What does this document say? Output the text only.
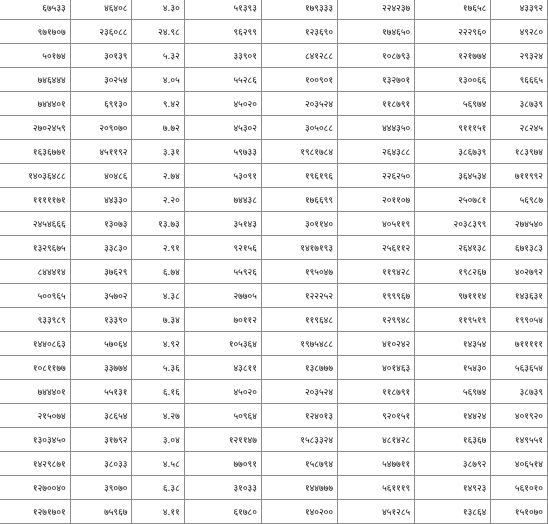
६७५३३	४६४०८	४.३०	५१३९३	१७९३३३	२२४२३७	१७६५८	४३३९२
९७१७०७	२३६०८८	२४.९८	९६२९९	१२३६९०	१७४६५०	२२२९६०	४९२८०
५०१७४	३०१३९	५.३२	३३९०१	८४१२८८	१०८७९३	१२१७७४	२९३२४
७४६४४४	३०२५४	४.०५	५५२८६	१००९०१	१३२७०१	१३००६६	९६६६५
७४४४०१	६९१३०	९.४२	४५०२०	२०३५२४	११८७९१	५६९७४	३८७३९
२७०२४५९	२०९०७०	७.७२	४५३०२	३०५०८८	४४४३५०	९१११५१	२८२४५
१६३६७७१	४५११९२	३.३१	५९७३३	१९८१७८४	२६४३८८	३८६७३९	१८३९७४
१४०३६४८८	४०४८६	२.७४	५३०९१	१९६१९६	२२६२५०	३६४५३४	७११९९२
१११११७१	४४३३०	२.२०	७४४३८	१७६६९९	२०११०७	२५०७८१	५६९८७
२४५४६६६	१३०७३	१३.७३	३५१४३	३०११४०	४०५११९	२०३८३९९	२७४५४०
१३२९६७५	३३८३०	२.९१	९२१५६	१४१७१९३	२५६११२	२६४१३८	६७१३८३
८४४४१४	३७६२९	६.७४	५५९२६	१९५०४७	११९४२८	१९८२६७	४०२७९२
५००९६५	३५७०२	४.३८	२७७०५	१२२२५२	१९९९६७	९७१११४	१४३६३१
९३३९८९	१३३९०	७.३४	७०११२	११९६४८	१२९९४८	११९५१९	१९९०५४
१४४०८६३	५७०६४	४.९२	१०५३६४	१९७५४८८	४१०२४२	१४३५४	७१११११
१०८११७७	३३७७४	५.३६	४३८११	१३८७७७	४०१४६३	१५४३०	५६३६५४
७४४४०१	५५१३१	६.१६	४५०२०	२०३५२४	११८७९१	५६९७४	३८७३९
२१५०७४	३८६५४	४.२७	५०९६४	१२४०१३	९२०१५१	१४४२४	४०१९२०
१३०३४५०	३१७९२	३.०४	१२११४७	१५८३३२४	४८१४२८	१६३६७	१४९५५१
१४२९८७१	३८०३३	४.५८	७७०९१	१५८७९४	५४७७११	३८७९२	४०६५१४
१२७००४०	३९०७०	६.३८	३१०३३	१४४७७७	५६१११९	१४९२३	५६१०१०
१२७१७०१	७५९६७	४.११	६१७८०	१४०२००	४५१२८५	१३८६४	१५१०७०
